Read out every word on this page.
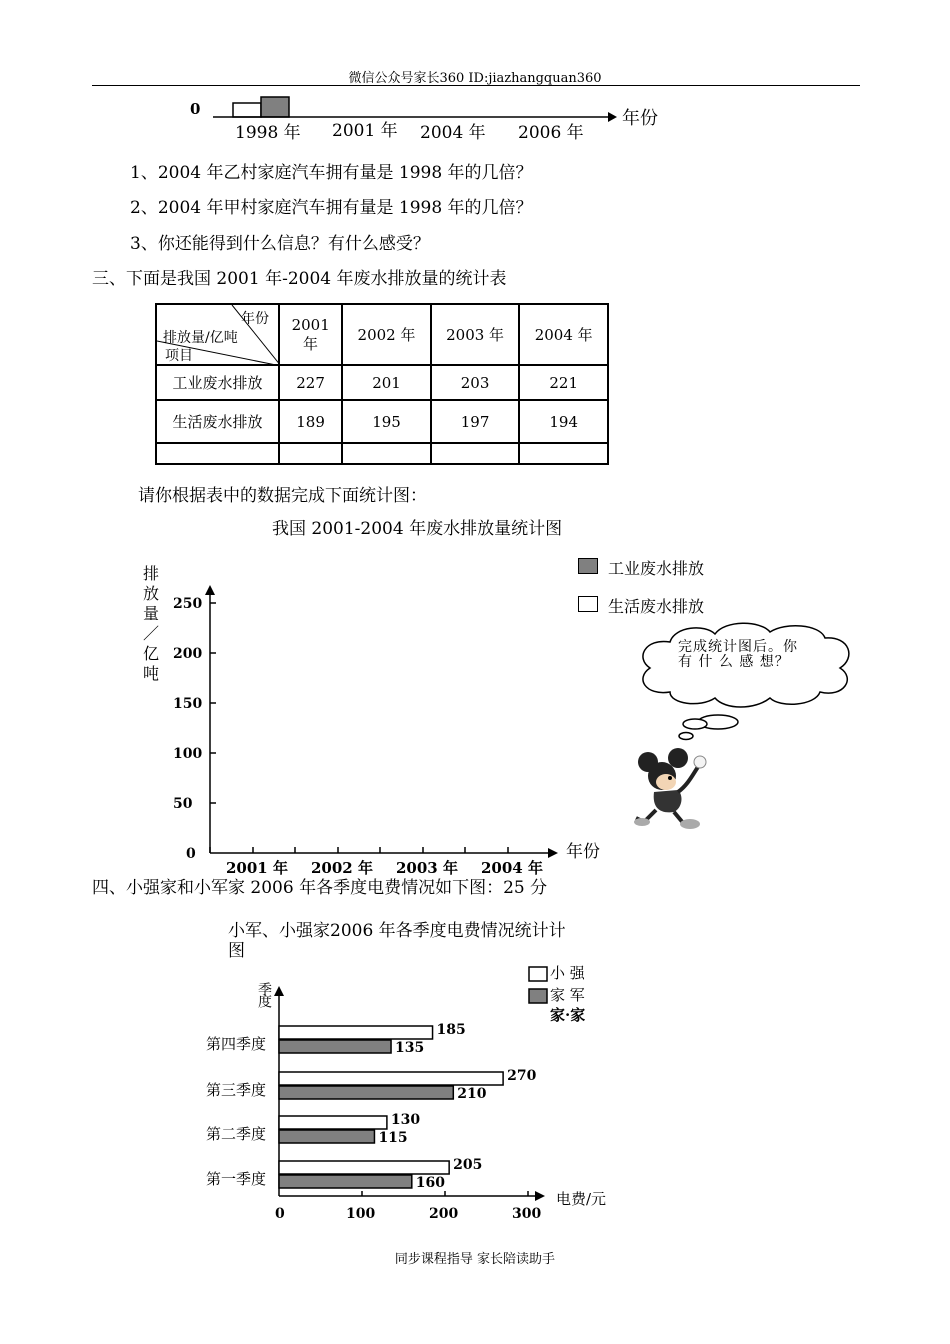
微信公众号家长360 ID:jiazhangquan360
0
1998 年 2001 年 2004 年 2006 年
年份
1、2004 年乙村家庭汽车拥有量是 1998 年的几倍？
2、2004 年甲村家庭汽车拥有量是 1998 年的几倍？
3、你还能得到什么信息？有什么感受？
三、下面是我国 2001 年-2004 年废水排放量的统计表
年份
排放量/亿吨
项目	2001 年	2002 年	2003 年	2004 年
工业废水排放	227	201	203	221
生活废水排放	189	195	197	194

请你根据表中的数据完成下面统计图：
我国 2001-2004 年废水排放量统计图
排放量／亿吨
年份
0
50
100
150
200
250
2001 年 2002 年 2003 年 2004 年
工业废水排放
生活废水排放
完成统计图后。你 有 什 么 感 想？
四、小强家和小军家 2006 年各季度电费情况如下图：25 分
小军、小强家2006 年各季度电费情况统计计图
季度
电费/元
小 强
家 军
家·家
185
135
第四季度
270
210
第三季度
130
115
第二季度
205
160
第一季度
0	100	200	300
同步课程指导 家长陪读助手
